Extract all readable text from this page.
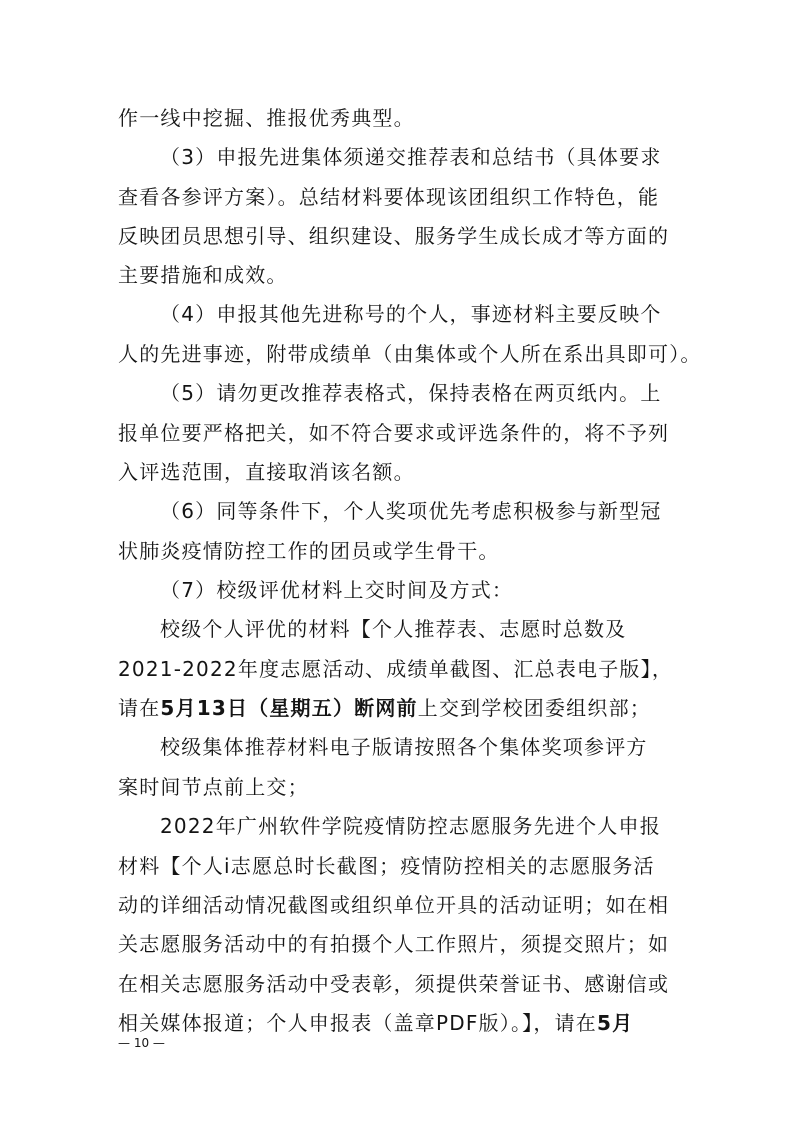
作一线中挖掘、推报优秀典型。
（3）申报先进集体须递交推荐表和总结书（具体要求
查看各参评方案）。总结材料要体现该团组织工作特色，能
反映团员思想引导、组织建设、服务学生成长成才等方面的
主要措施和成效。
（4）申报其他先进称号的个人，事迹材料主要反映个
人的先进事迹，附带成绩单（由集体或个人所在系出具即可）。
（5）请勿更改推荐表格式，保持表格在两页纸内。上
报单位要严格把关，如不符合要求或评选条件的，将不予列
入评选范围，直接取消该名额。
（6）同等条件下，个人奖项优先考虑积极参与新型冠
状肺炎疫情防控工作的团员或学生骨干。
（7）校级评优材料上交时间及方式：
校级个人评优的材料【个人推荐表、志愿时总数及
2021-2022年度志愿活动、成绩单截图、汇总表电子版】，
请在5月13日（星期五）断网前上交到学校团委组织部；
校级集体推荐材料电子版请按照各个集体奖项参评方
案时间节点前上交；
2022年广州软件学院疫情防控志愿服务先进个人申报
材料【个人i志愿总时长截图；疫情防控相关的志愿服务活
动的详细活动情况截图或组织单位开具的活动证明；如在相
关志愿服务活动中的有拍摄个人工作照片，须提交照片；如
在相关志愿服务活动中受表彰，须提供荣誉证书、感谢信或
相关媒体报道；个人申报表（盖章PDF版）。】，请在5月
— 10 —
